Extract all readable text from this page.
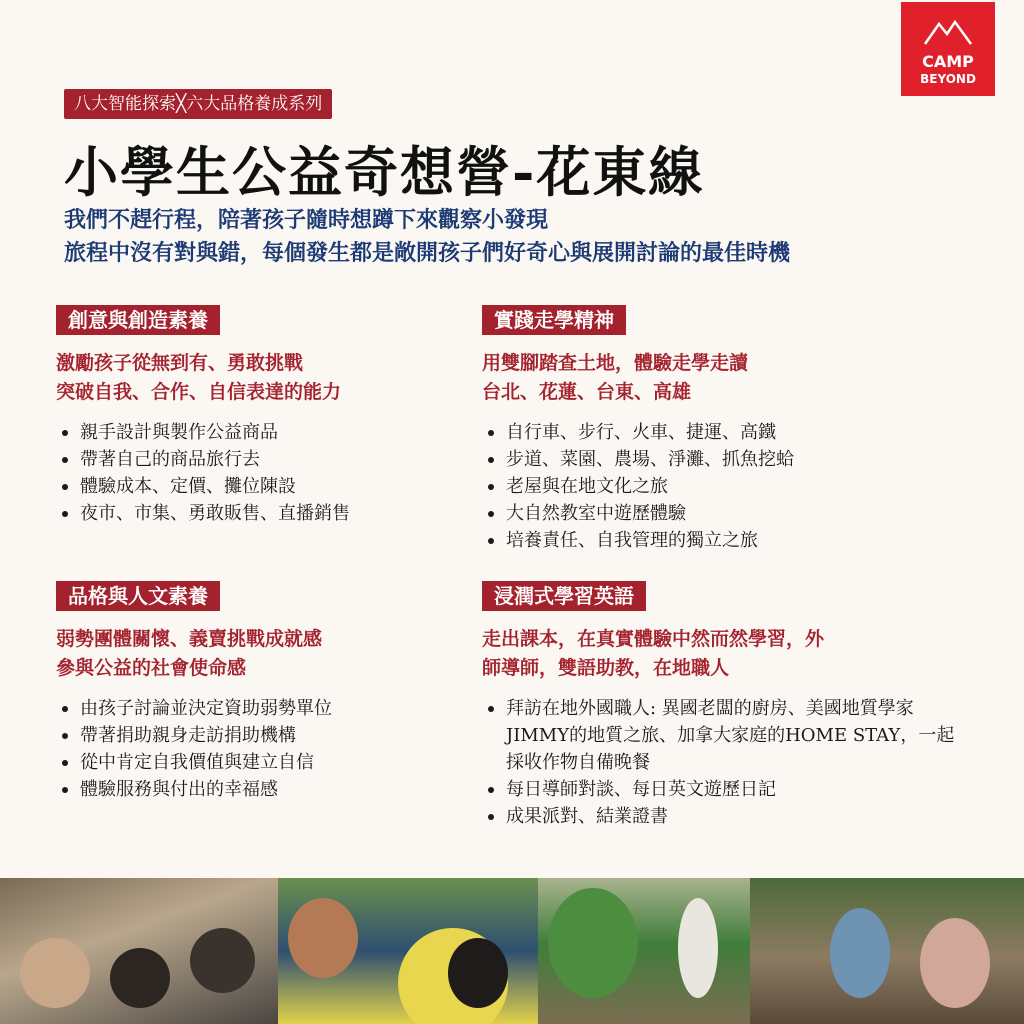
CAMP
BEYOND
八大智能探索╳六大品格養成系列
小學生公益奇想營-花東線
我們不趕行程，陪著孩子隨時想蹲下來觀察小發現
旅程中沒有對與錯，每個發生都是敞開孩子們好奇心與展開討論的最佳時機
創意與創造素養
激勵孩子從無到有、勇敢挑戰
突破自我、合作、自信表達的能力
親手設計與製作公益商品
帶著自己的商品旅行去
體驗成本、定價、攤位陳設
夜市、市集、勇敢販售、直播銷售
實踐走學精神
用雙腳踏查土地，體驗走學走讀
台北、花蓮、台東、高雄
自行車、步行、火車、捷運、高鐵
步道、菜園、農場、淨灘、抓魚挖蛤
老屋與在地文化之旅
大自然教室中遊歷體驗
培養責任、自我管理的獨立之旅
品格與人文素養
弱勢團體關懷、義賣挑戰成就感
參與公益的社會使命感
由孩子討論並決定資助弱勢單位
帶著捐助親身走訪捐助機構
從中肯定自我價值與建立自信
體驗服務與付出的幸福感
浸潤式學習英語
走出課本，在真實體驗中然而然學習，外
師導師，雙語助教，在地職人
拜訪在地外國職人: 異國老闆的廚房、美國地質學家JIMMY的地質之旅、加拿大家庭的HOME STAY，一起採收作物自備晚餐
每日導師對談、每日英文遊歷日記
成果派對、結業證書
